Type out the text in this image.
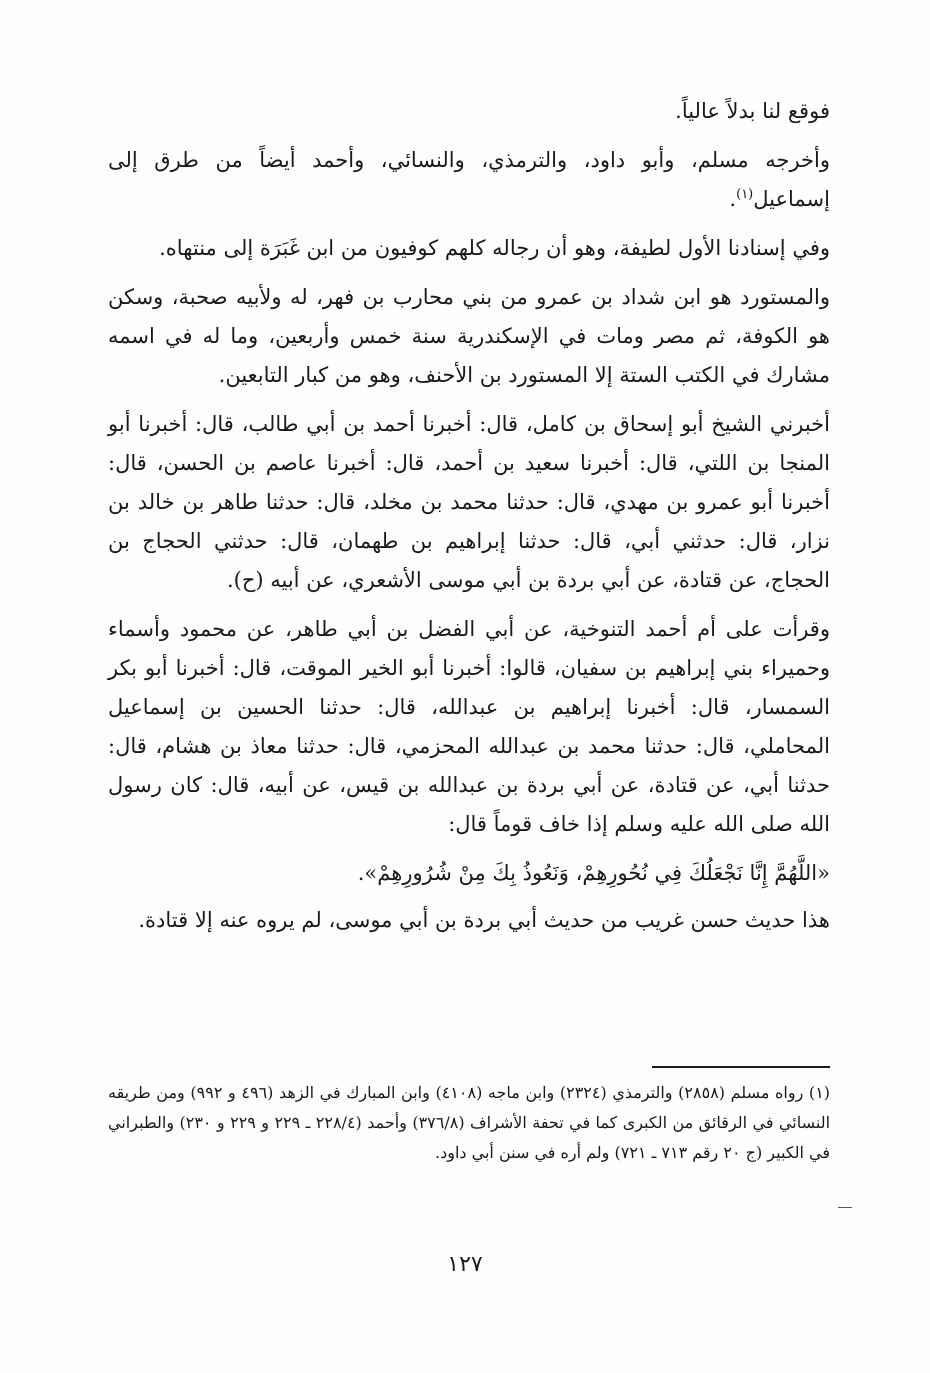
فوقع لنا بدلاً عالياً.

وأخرجه مسلم، وأبو داود، والترمذي، والنسائي، وأحمد أيضاً من طرق إلى إسماعيل$^{(١)}$.

وفي إسنادنا الأول لطيفة، وهو أن رجاله كلهم كوفيون من ابن غَبَرَة إلى منتهاه.

والمستورد هو ابن شداد بن عمرو من بني محارب بن فهر، له ولأبيه صحبة، وسكن هو الكوفة، ثم مصر ومات في الإسكندرية سنة خمس وأربعين، وما له في اسمه مشارك في الكتب الستة إلا المستورد بن الأحنف، وهو من كبار التابعين.

أخبرني الشيخ أبو إسحاق بن كامل، قال: أخبرنا أحمد بن أبي طالب، قال: أخبرنا أبو المنجا بن اللتي، قال: أخبرنا سعيد بن أحمد، قال: أخبرنا عاصم بن الحسن، قال: أخبرنا أبو عمرو بن مهدي، قال: حدثنا محمد بن مخلد، قال: حدثنا طاهر بن خالد بن نزار، قال: حدثني أبي، قال: حدثنا إبراهيم بن طهمان، قال: حدثني الحجاج بن الحجاج، عن قتادة، عن أبي بردة بن أبي موسى الأشعري، عن أبيه (ح).

وقرأت على أم أحمد التنوخية، عن أبي الفضل بن أبي طاهر، عن محمود وأسماء وحميراء بني إبراهيم بن سفيان، قالوا: أخبرنا أبو الخير الموقت، قال: أخبرنا أبو بكر السمسار، قال: أخبرنا إبراهيم بن عبدالله، قال: حدثنا الحسين بن إسماعيل المحاملي، قال: حدثنا محمد بن عبدالله المحزمي، قال: حدثنا معاذ بن هشام، قال: حدثنا أبي، عن قتادة، عن أبي بردة بن عبدالله بن قيس، عن أبيه، قال: كان رسول الله صلى الله عليه وسلم إذا خاف قوماً قال:

«اللَّهُمَّ إِنَّا نَجْعَلُكَ فِي نُحُورِهِمْ، وَنَعُوذُ بِكَ مِنْ شُرُورِهِمْ».

هذا حديث حسن غريب من حديث أبي بردة بن أبي موسى، لم يروه عنه إلا قتادة.

(١) رواه مسلم (٢٨٥٨) والترمذي (٢٣٢٤) وابن ماجه (٤١٠٨) وابن المبارك في الزهد (٤٩٦ و ٩٩٢) ومن طريقه النسائي في الرقائق من الكبرى كما في تحفة الأشراف (٣٧٦/٨) وأحمد (٢٢٨/٤ ـ ٢٢٩ و ٢٢٩ و ٢٣٠) والطبراني في الكبير (ج ٢٠ رقم ٧١٣ ـ ٧٢١) ولم أره في سنن أبي داود.

١٢٧
